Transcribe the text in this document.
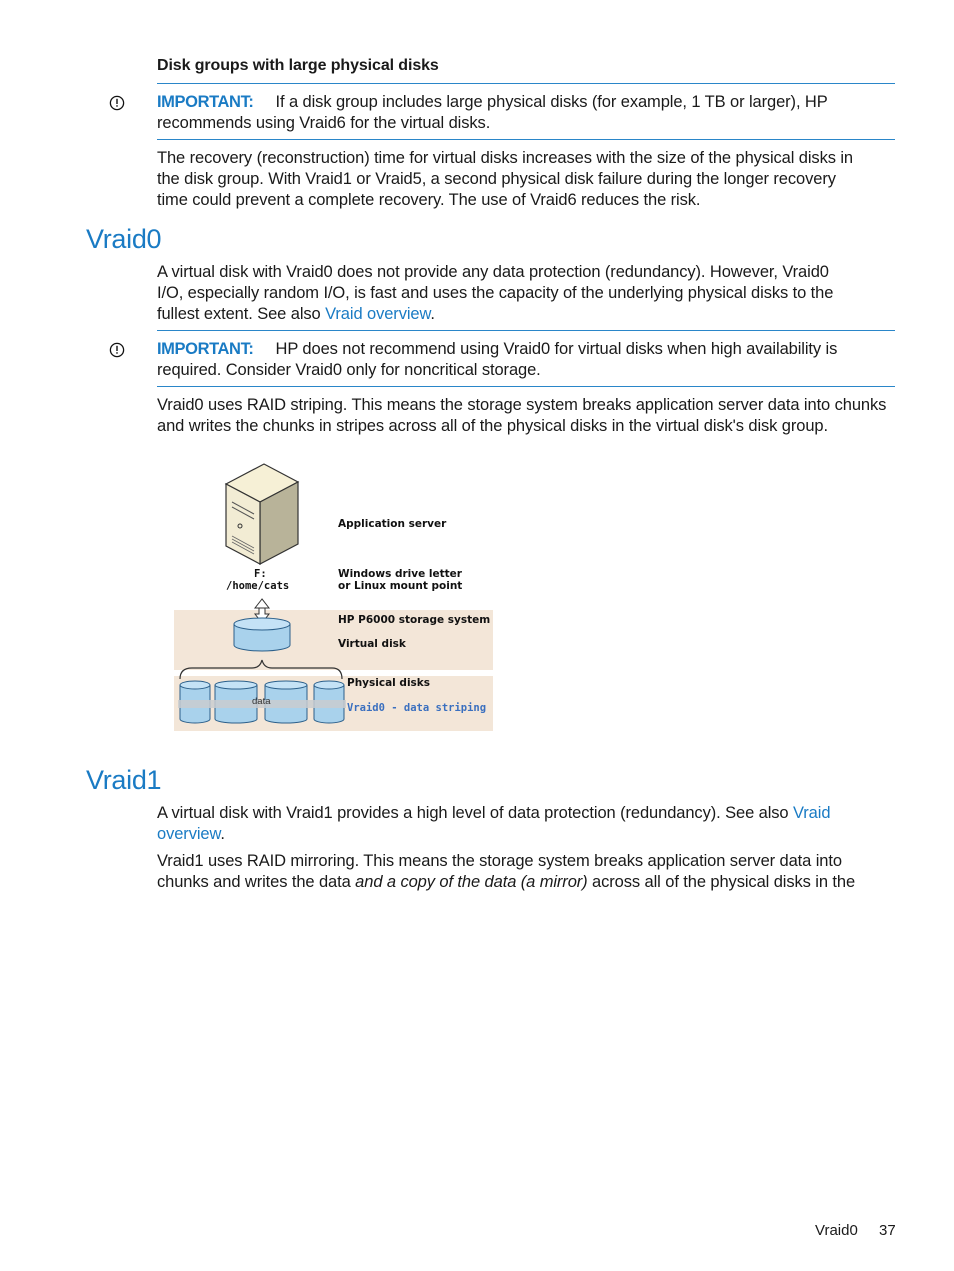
Disk groups with large physical disks
IMPORTANT: If a disk group includes large physical disks (for example, 1 TB or larger), HP
recommends using Vraid6 for the virtual disks.
The recovery (reconstruction) time for virtual disks increases with the size of the physical disks in
the disk group. With Vraid1 or Vraid5, a second physical disk failure during the longer recovery
time could prevent a complete recovery. The use of Vraid6 reduces the risk.
Vraid0
A virtual disk with Vraid0 does not provide any data protection (redundancy). However, Vraid0
I/O, especially random I/O, is fast and uses the capacity of the underlying physical disks to the
fullest extent. See also Vraid overview.
IMPORTANT: HP does not recommend using Vraid0 for virtual disks when high availability is
required. Consider Vraid0 only for noncritical storage.
Vraid0 uses RAID striping. This means the storage system breaks application server data into chunks
and writes the chunks in stripes across all of the physical disks in the virtual disk's disk group.
Application server
F:
/home/cats
Windows drive letter
or Linux mount point
HP P6000 storage system
Virtual disk
Physical disks
Vraid0 - data striping
data
Vraid1
A virtual disk with Vraid1 provides a high level of data protection (redundancy). See also Vraid
overview.
Vraid1 uses RAID mirroring. This means the storage system breaks application server data into
chunks and writes the data and a copy of the data (a mirror) across all of the physical disks in the
Vraid0 37
